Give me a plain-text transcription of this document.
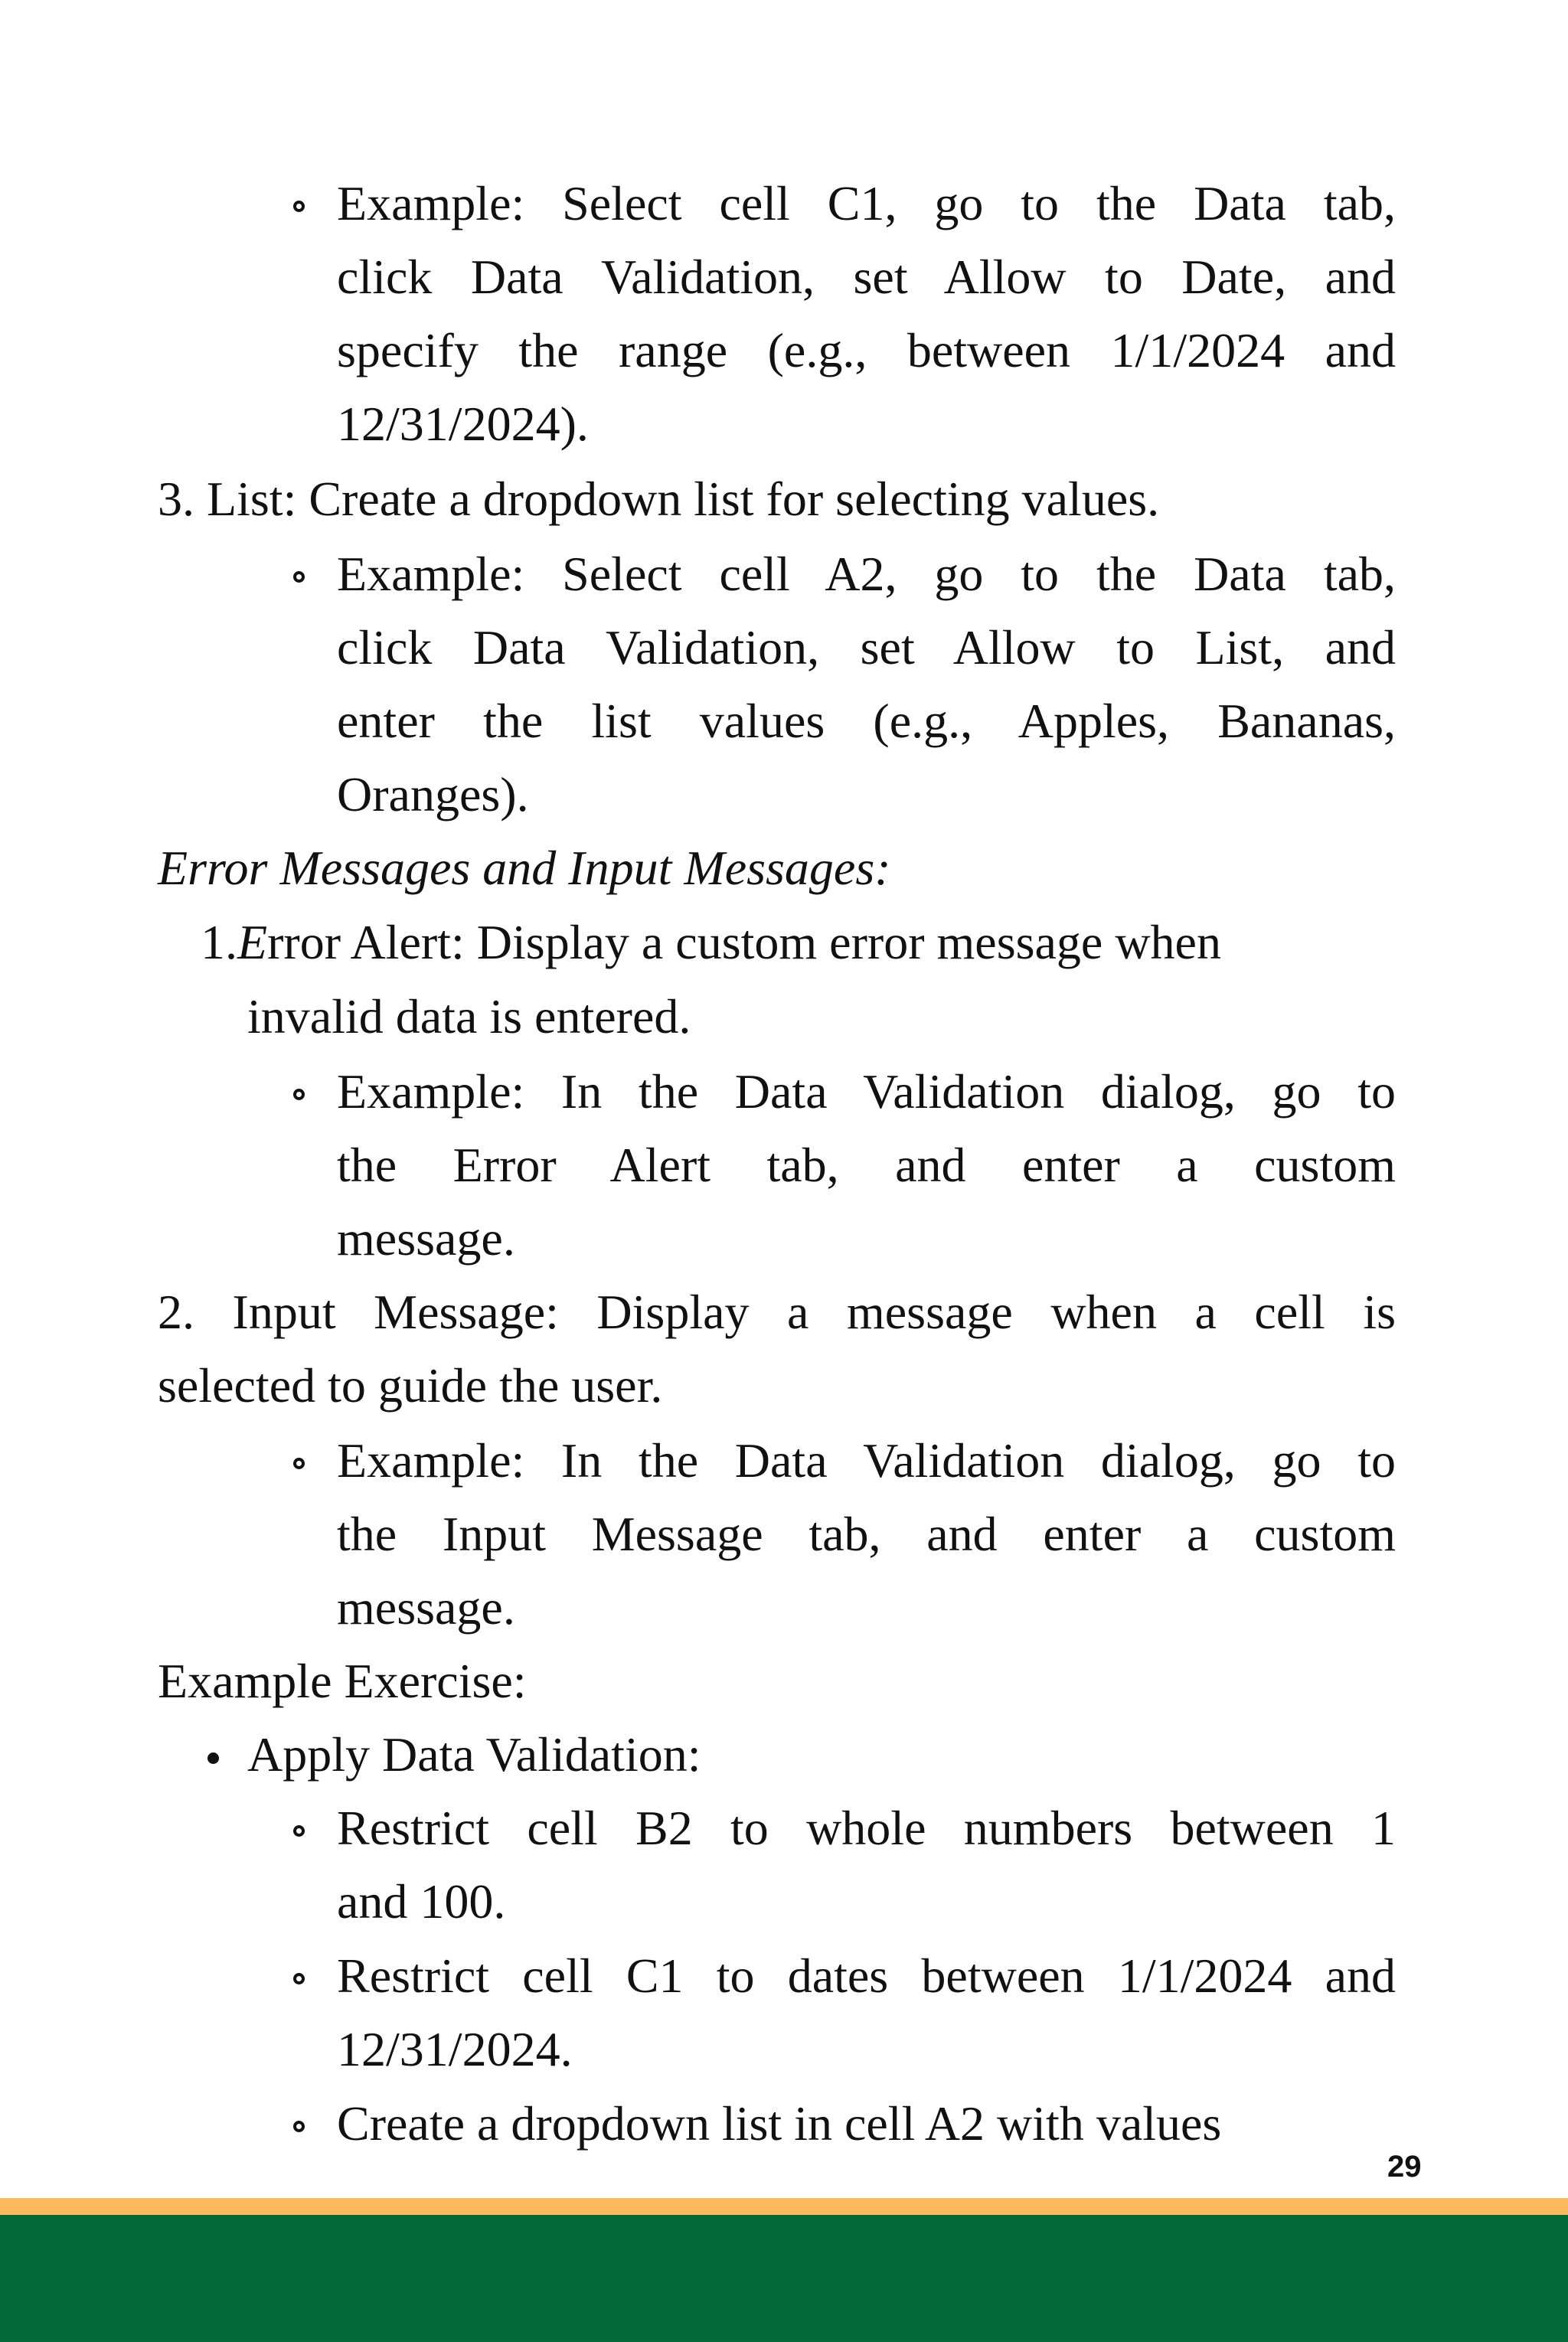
Example: Select cell C1, go to the Data tab,

click Data Validation, set Allow to Date, and

specify the range (e.g., between 1/1/2024 and

12/31/2024).

3. List: Create a dropdown list for selecting values.

Example: Select cell A2, go to the Data tab,

click Data Validation, set Allow to List, and

enter the list values (e.g., Apples, Bananas,

Oranges).

Error Messages and Input Messages:

1.Error Alert: Display a custom error message when

invalid data is entered.

Example: In the Data Validation dialog, go to

the Error Alert tab, and enter a custom

message.

2. Input Message: Display a message when a cell is

selected to guide the user.

Example: In the Data Validation dialog, go to

the Input Message tab, and enter a custom

message.

Example Exercise:

Apply Data Validation:

Restrict cell B2 to whole numbers between 1

and 100.

Restrict cell C1 to dates between 1/1/2024 and

12/31/2024.

Create a dropdown list in cell A2 with values

29
